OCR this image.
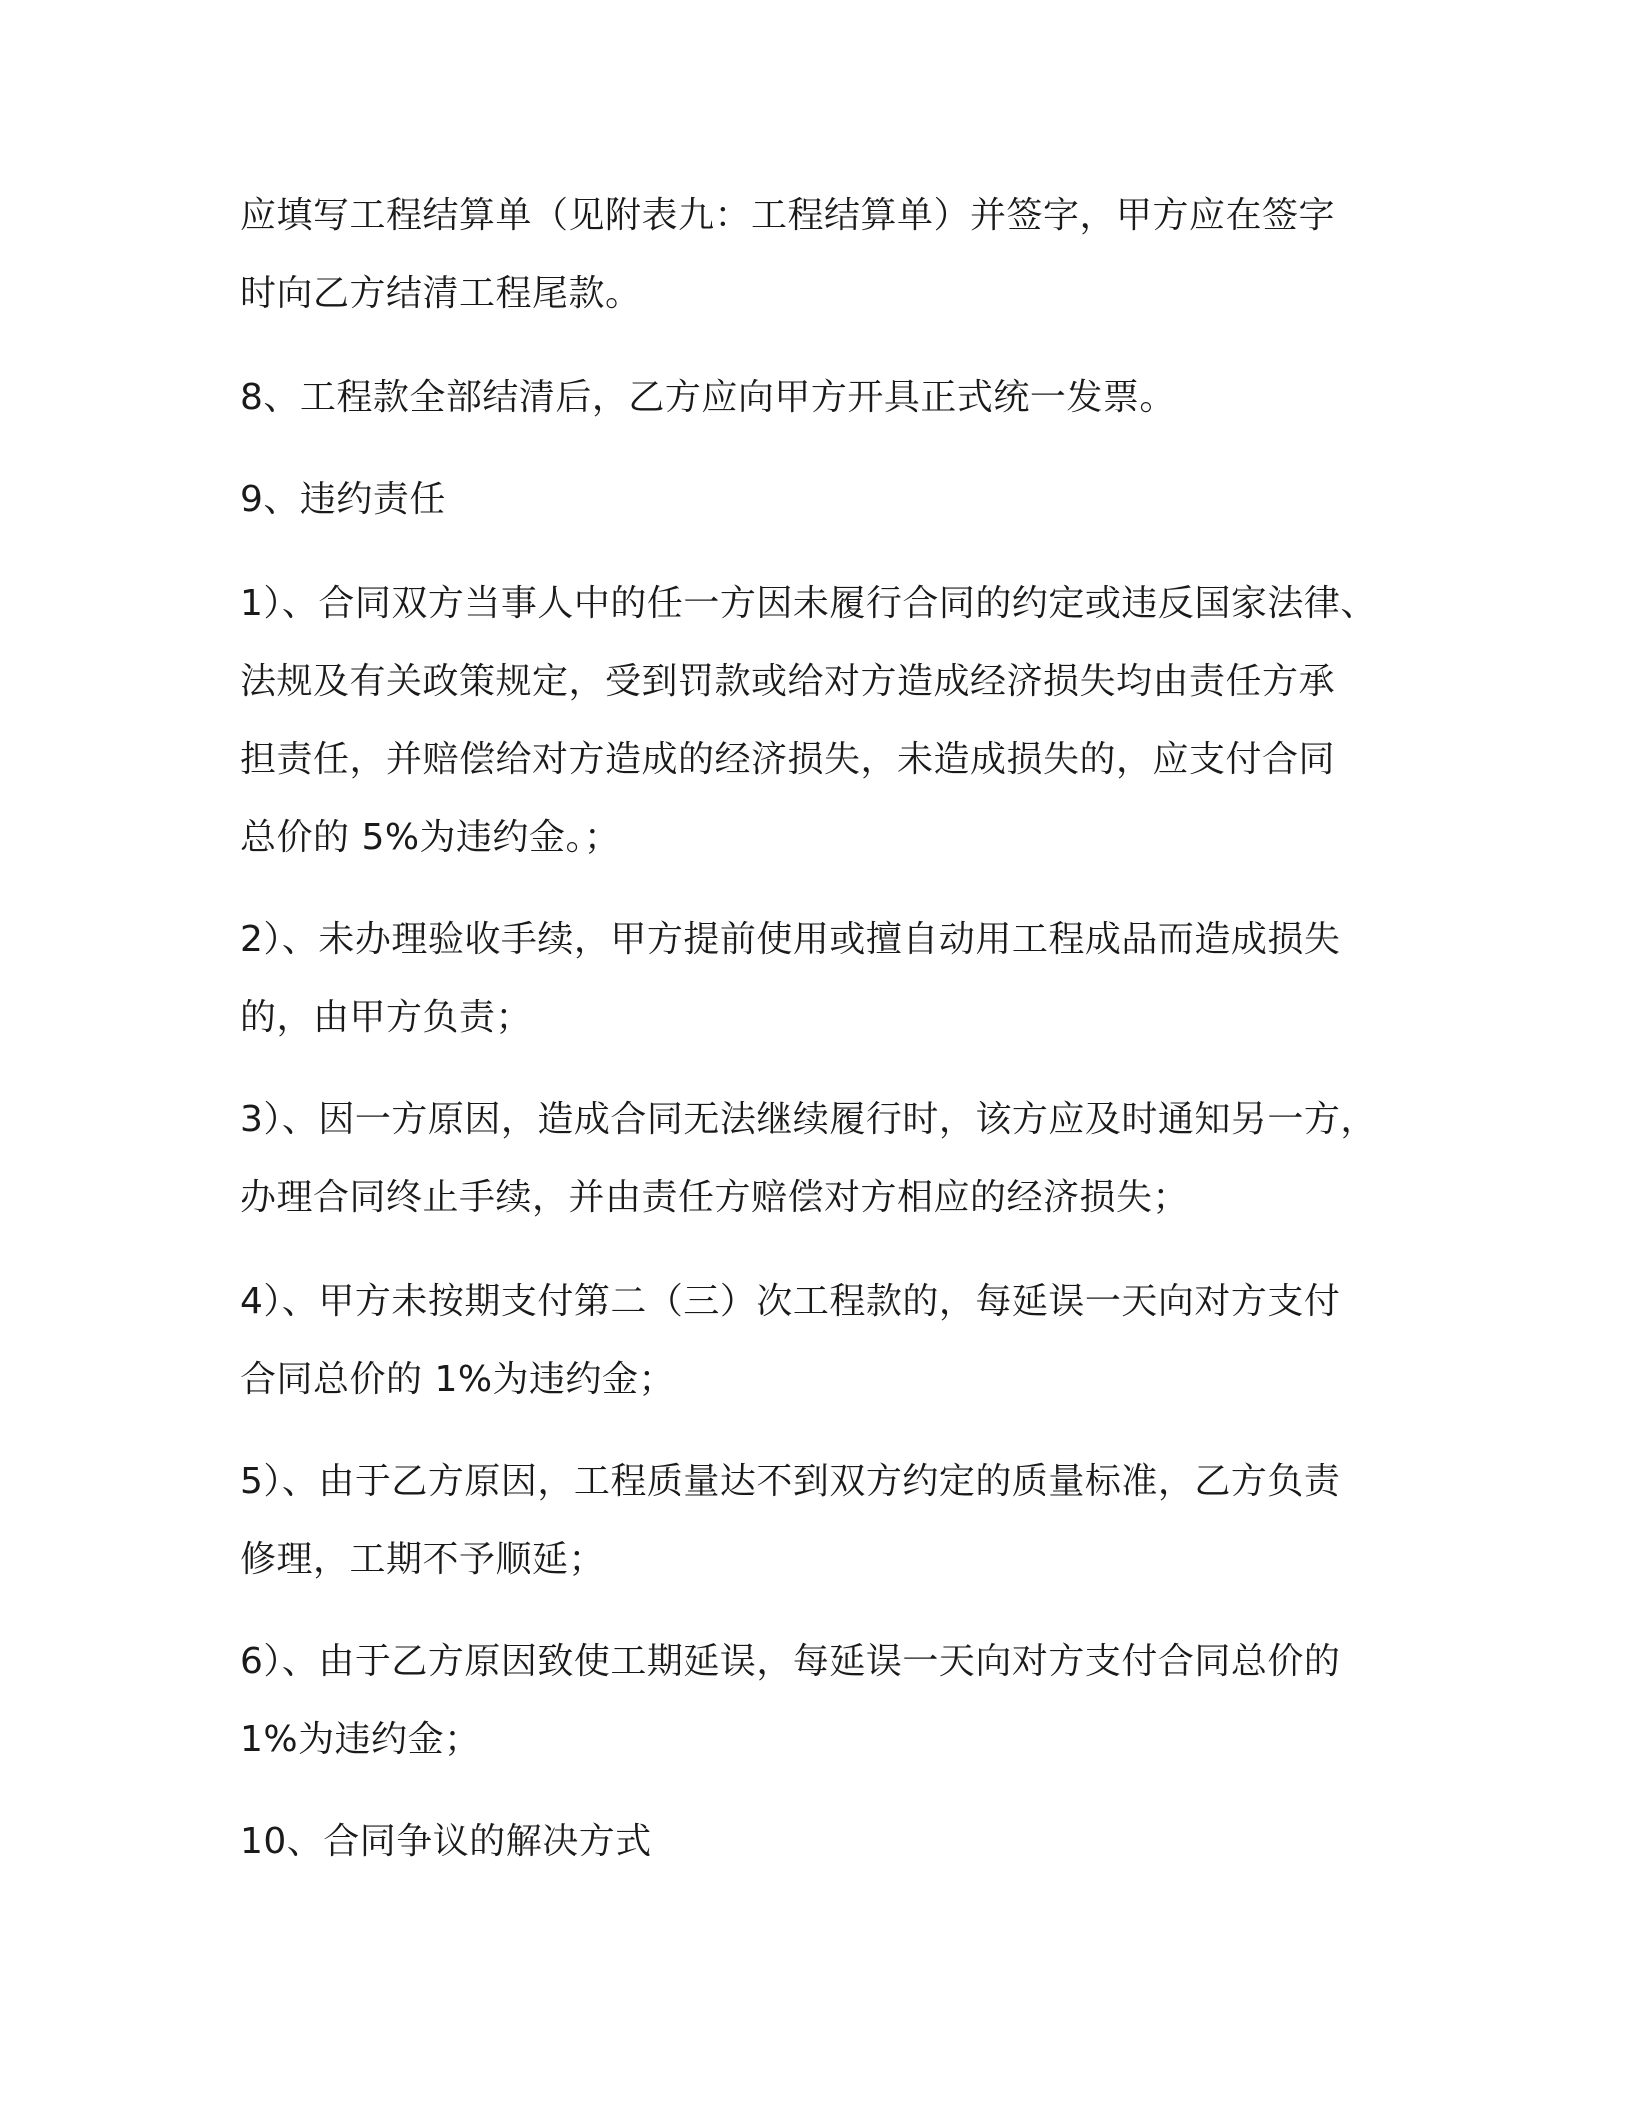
应填写工程结算单（见附表九：工程结算单）并签字，甲方应在签字
时向乙方结清工程尾款。
8、工程款全部结清后，乙方应向甲方开具正式统一发票。
9、违约责任
1）、合同双方当事人中的任一方因未履行合同的约定或违反国家法律、
法规及有关政策规定，受到罚款或给对方造成经济损失均由责任方承
担责任，并赔偿给对方造成的经济损失，未造成损失的，应支付合同
总价的 5%为违约金。；
2）、未办理验收手续，甲方提前使用或擅自动用工程成品而造成损失
的，由甲方负责；
3）、因一方原因，造成合同无法继续履行时，该方应及时通知另一方，
办理合同终止手续，并由责任方赔偿对方相应的经济损失；
4）、甲方未按期支付第二（三）次工程款的，每延误一天向对方支付
合同总价的 1%为违约金；
5）、由于乙方原因，工程质量达不到双方约定的质量标准，乙方负责
修理，工期不予顺延；
6）、由于乙方原因致使工期延误，每延误一天向对方支付合同总价的
1%为违约金；
10、合同争议的解决方式
